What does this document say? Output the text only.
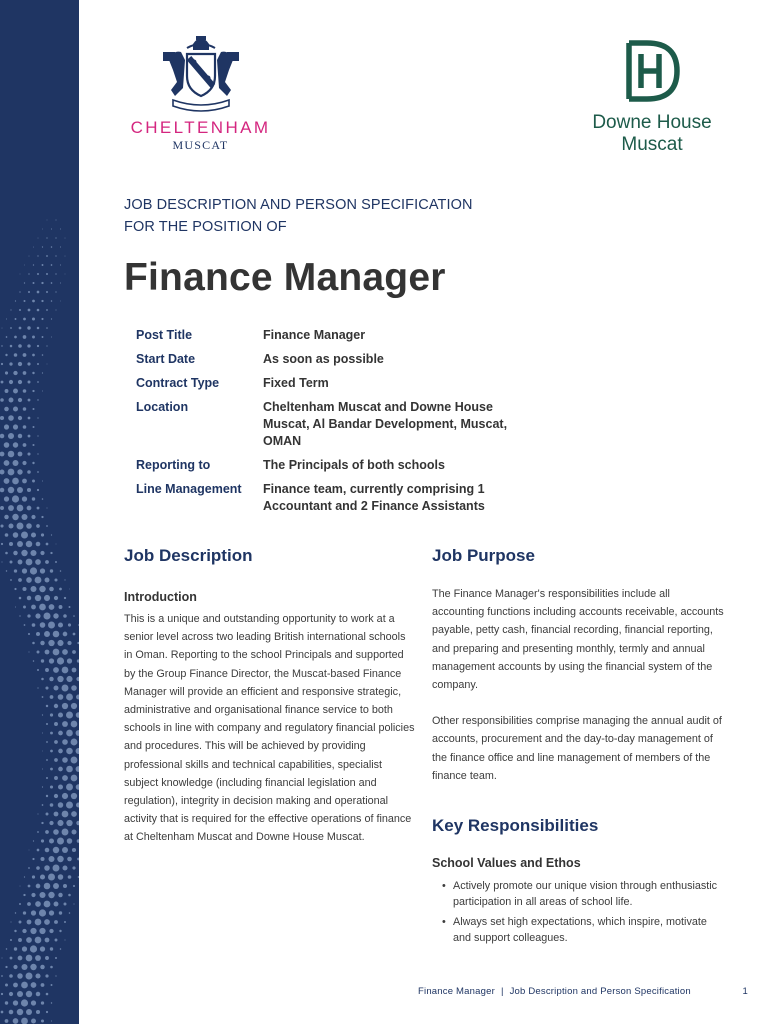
CHELTENHAM
MUSCAT
Downe House
Muscat
JOB DESCRIPTION AND PERSON SPECIFICATION FOR THE POSITION OF
Finance Manager
Post Title	Finance Manager
Start Date	As soon as possible
Contract Type	Fixed Term
Location	Cheltenham Muscat and Downe House Muscat, Al Bandar Development, Muscat, OMAN
Reporting to	The Principals of both schools
Line Management	Finance team, currently comprising 1 Accountant and 2 Finance Assistants
Job Description
Introduction

This is a unique and outstanding opportunity to work at a senior level across two leading British international schools in Oman. Reporting to the school Principals and supported by the Group Finance Director, the Muscat-based Finance Manager will provide an efficient and responsive strategic, administrative and organisational finance service to both schools in line with company and regulatory financial policies and procedures. This will be achieved by providing professional skills and technical capabilities, specialist subject knowledge (including financial legislation and regulation), integrity in decision making and operational activity that is required for the effective operations of finance at Cheltenham Muscat and Downe House Muscat.

Job Purpose

The Finance Manager's responsibilities include all accounting functions including accounts receivable, accounts payable, petty cash, financial recording, financial reporting, and preparing and presenting monthly, termly and annual management accounts by using the financial system of the company.

Other responsibilities comprise managing the annual audit of accounts, procurement and the day-to-day management of the finance office and line management of members of the finance team.

Key Responsibilities
School Values and Ethos
• Actively promote our unique vision through enthusiastic participation in all areas of school life.
• Always set high expectations, which inspire, motivate and support colleagues.
Finance Manager | Job Description and Person Specification	1
